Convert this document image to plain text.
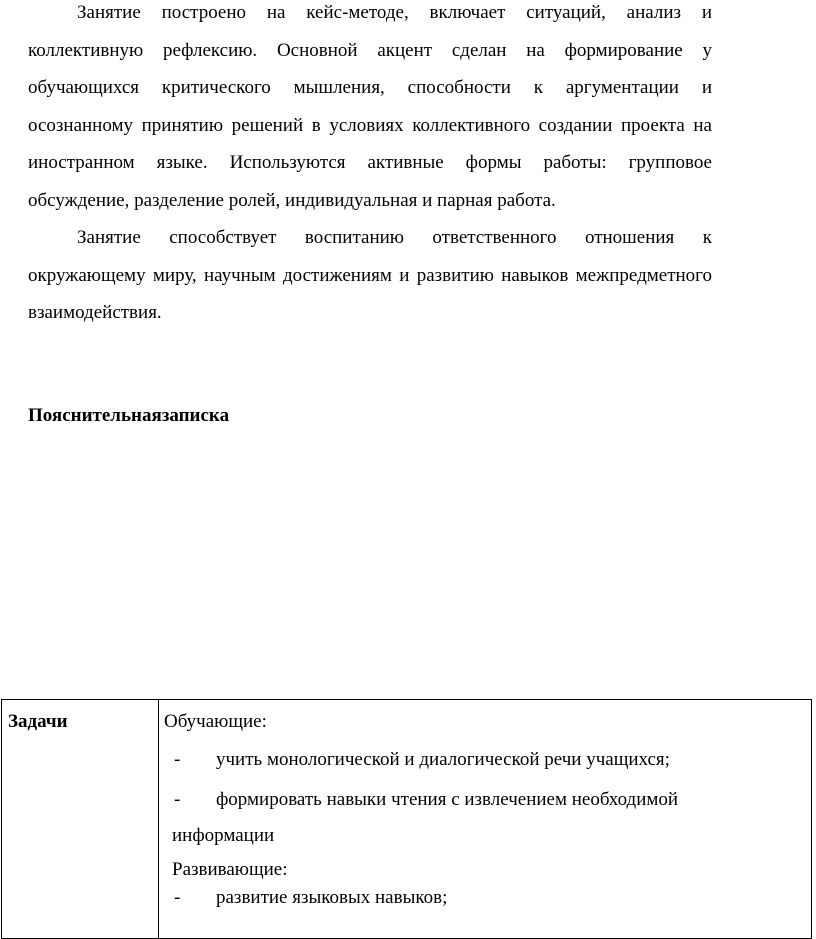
Занятие построено на кейс-методе, включает ситуаций, анализ и коллективную рефлексию. Основной акцент сделан на формирование у обучающихся критического мышления, способности к аргументации и осознанному принятию решений в условиях коллективного создании проекта на иностранном языке. Используются активные формы работы: групповое обсуждение, разделение ролей, индивидуальная и парная работа.

Занятие способствует воспитанию ответственного отношения к окружающему миру, научным достижениям и развитию навыков межпредметного взаимодействия.

Пояснительнаязаписка
Задачи	Обучающие:
- учить монологической и диалогической речи учащихся;
- формировать навыки чтения с извлечением необходимой
информации
Развивающие:
- развитие языковых навыков;
